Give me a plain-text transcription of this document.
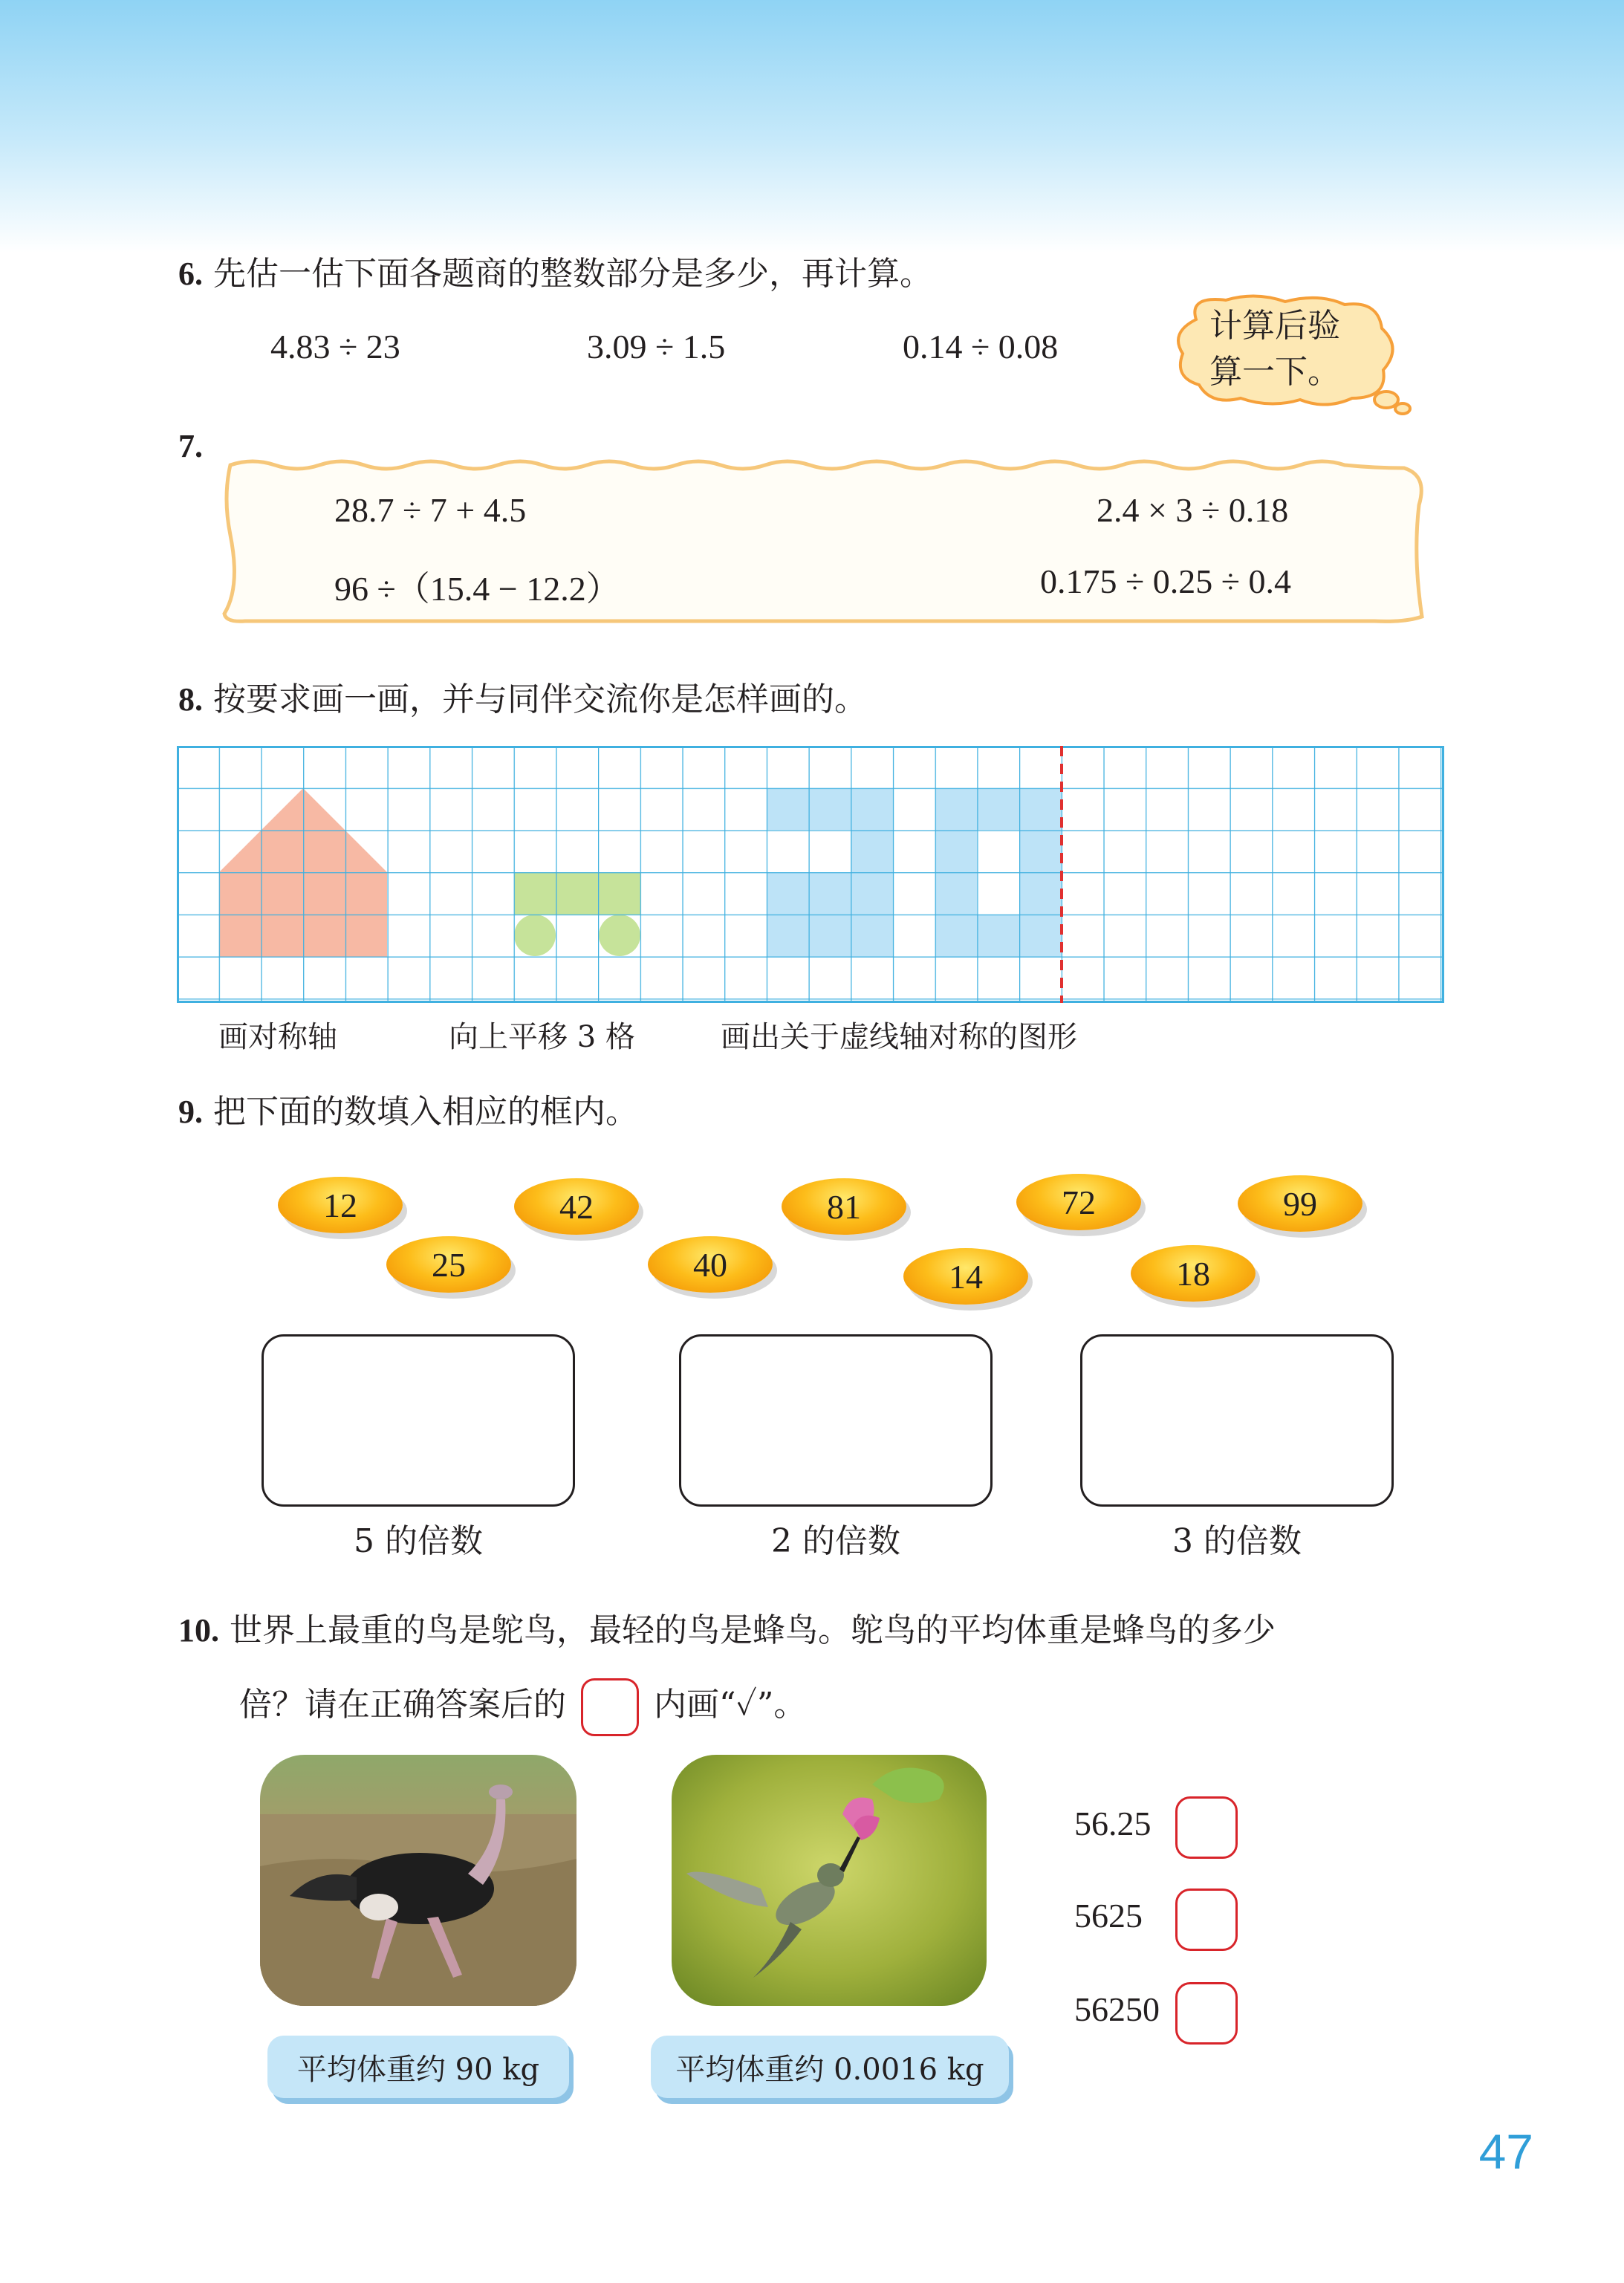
6. 先估一估下面各题商的整数部分是多少，再计算。
4.83 ÷ 23	3.09 ÷ 1.5	0.14 ÷ 0.08
计算后验
算一下。
7.
28.7 ÷ 7 + 4.5	2.4 × 3 ÷ 0.18
96 ÷（15.4 − 12.2）	0.175 ÷ 0.25 ÷ 0.4
8. 按要求画一画，并与同伴交流你是怎样画的。
画对称轴	向上平移 3 格	画出关于虚线轴对称的图形
9. 把下面的数填入相应的框内。
12
25
42
40
81
14
72
18
99
5 的倍数	2 的倍数	3 的倍数
10. 世界上最重的鸟是鸵鸟，最轻的鸟是蜂鸟。鸵鸟的平均体重是蜂鸟的多少
倍？请在正确答案后的	内画“✓”。
平均体重约 90 kg	平均体重约 0.0016 kg
56.25
5625
56250
47
